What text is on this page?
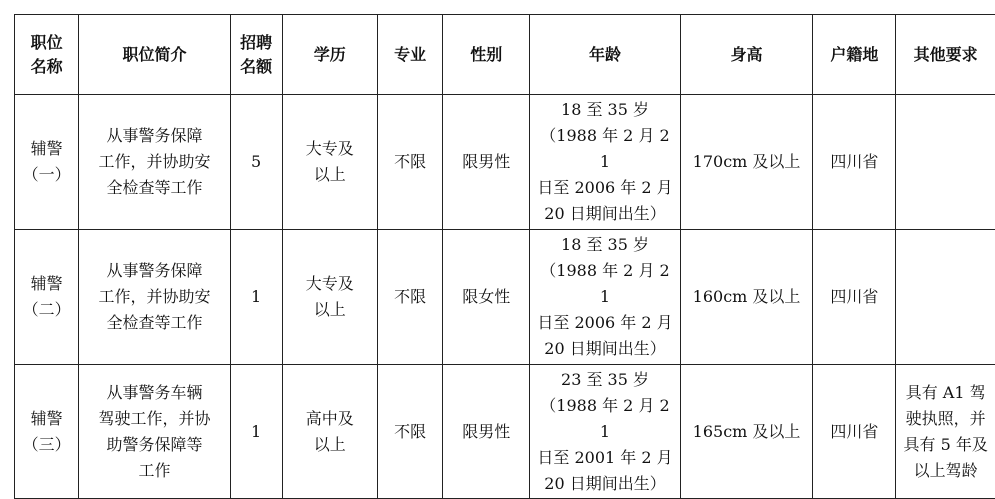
职位
名称	职位简介	招聘
名额	学历	专业	性别	年龄	身高	户籍地	其他要求

辅警
（一）	从事警务保障
工作，并协助安
全检查等工作	5	大专及
以上	不限	限男性	18 至 35 岁
（1988 年 2 月 21
日至 2006 年 2 月
20 日期间出生）	170cm 及以上	四川省	

辅警
（二）	从事警务保障
工作，并协助安
全检查等工作	1	大专及
以上	不限	限女性	18 至 35 岁
（1988 年 2 月 21
日至 2006 年 2 月
20 日期间出生）	160cm 及以上	四川省	

辅警
（三）	从事警务车辆
驾驶工作，并协
助警务保障等
工作	1	高中及
以上	不限	限男性	23 至 35 岁
（1988 年 2 月 21
日至 2001 年 2 月
20 日期间出生）	165cm 及以上	四川省	具有 A1 驾
驶执照，并
具有 5 年及
以上驾龄
